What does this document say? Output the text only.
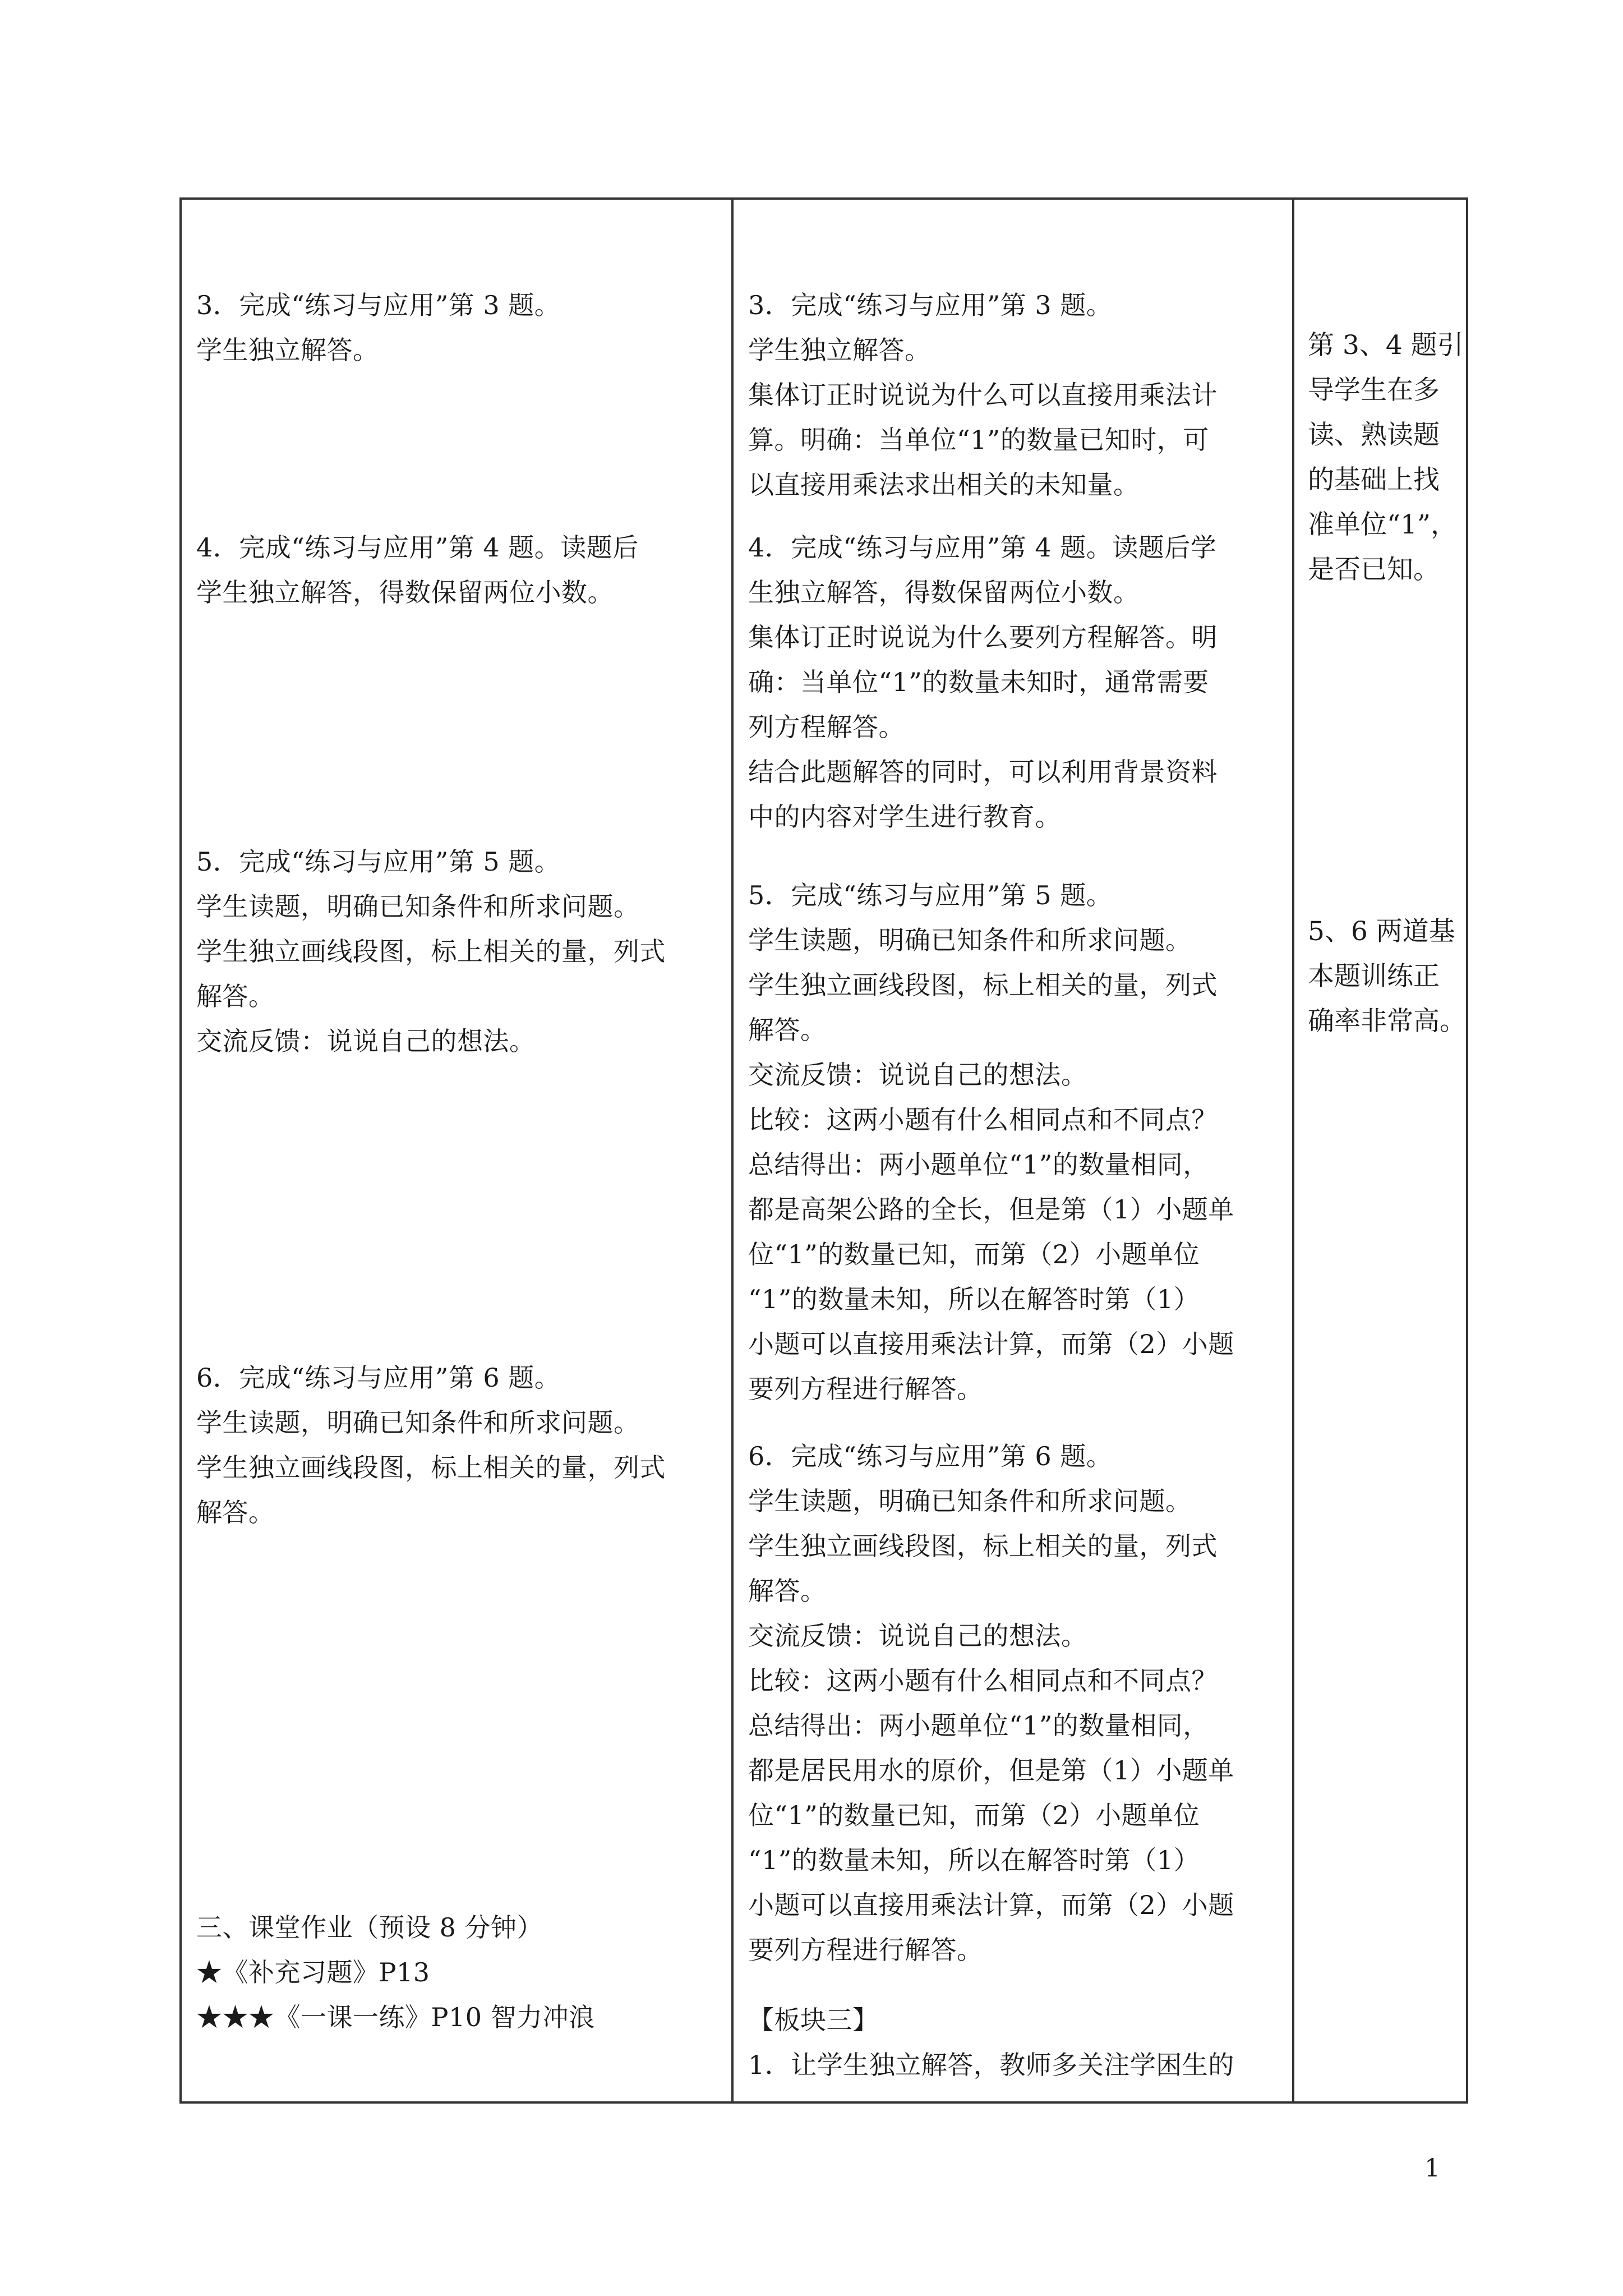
3．完成“练习与应用”第 3 题。
学生独立解答。
4．完成“练习与应用”第 4 题。读题后
学生独立解答，得数保留两位小数。
5．完成“练习与应用”第 5 题。
学生读题，明确已知条件和所求问题。
学生独立画线段图，标上相关的量，列式
解答。
交流反馈：说说自己的想法。
6．完成“练习与应用”第 6 题。
学生读题，明确已知条件和所求问题。
学生独立画线段图，标上相关的量，列式
解答。
三、课堂作业（预设 8 分钟）
★《补充习题》P13
★★★《一课一练》P10 智力冲浪
3．完成“练习与应用”第 3 题。
学生独立解答。
集体订正时说说为什么可以直接用乘法计
算。明确：当单位“1”的数量已知时，可
以直接用乘法求出相关的未知量。
4．完成“练习与应用”第 4 题。读题后学
生独立解答，得数保留两位小数。
集体订正时说说为什么要列方程解答。明
确：当单位“1”的数量未知时，通常需要
列方程解答。
结合此题解答的同时，可以利用背景资料
中的内容对学生进行教育。
5．完成“练习与应用”第 5 题。
学生读题，明确已知条件和所求问题。
学生独立画线段图，标上相关的量，列式
解答。
交流反馈：说说自己的想法。
比较：这两小题有什么相同点和不同点？
总结得出：两小题单位“1”的数量相同，
都是高架公路的全长，但是第（1）小题单
位“1”的数量已知，而第（2）小题单位
“1”的数量未知，所以在解答时第（1）
小题可以直接用乘法计算，而第（2）小题
要列方程进行解答。
6．完成“练习与应用”第 6 题。
学生读题，明确已知条件和所求问题。
学生独立画线段图，标上相关的量，列式
解答。
交流反馈：说说自己的想法。
比较：这两小题有什么相同点和不同点？
总结得出：两小题单位“1”的数量相同，
都是居民用水的原价，但是第（1）小题单
位“1”的数量已知，而第（2）小题单位
“1”的数量未知，所以在解答时第（1）
小题可以直接用乘法计算，而第（2）小题
要列方程进行解答。
【板块三】
1．让学生独立解答，教师多关注学困生的
第 3、4 题引
导学生在多
读、熟读题
的基础上找
准单位“1”，
是否已知。
5、6 两道基
本题训练正
确率非常高。
1
